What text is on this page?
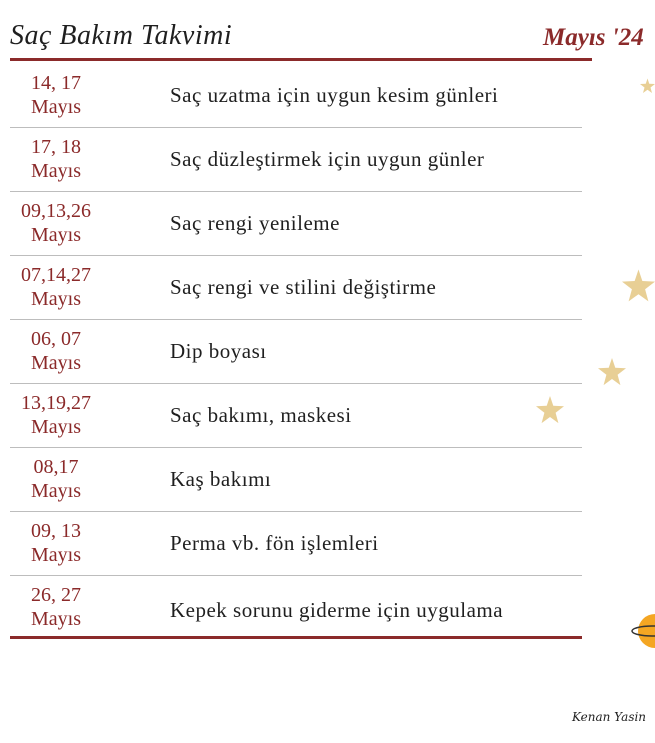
Saç Bakım Takvimi	Mayıs '24
14, 17
Mayıs	Saç uzatma için uygun kesim günleri
17, 18
Mayıs	Saç düzleştirmek için uygun günler
09,13,26
Mayıs	Saç rengi yenileme
07,14,27
Mayıs	Saç rengi ve stilini değiştirme
06, 07
Mayıs	Dip boyası
13,19,27
Mayıs	Saç bakımı, maskesi
08,17
Mayıs	Kaş bakımı
09, 13
Mayıs	Perma vb. fön işlemleri
26, 27
Mayıs	Kepek sorunu giderme için uygulama
Kenan Yasin
